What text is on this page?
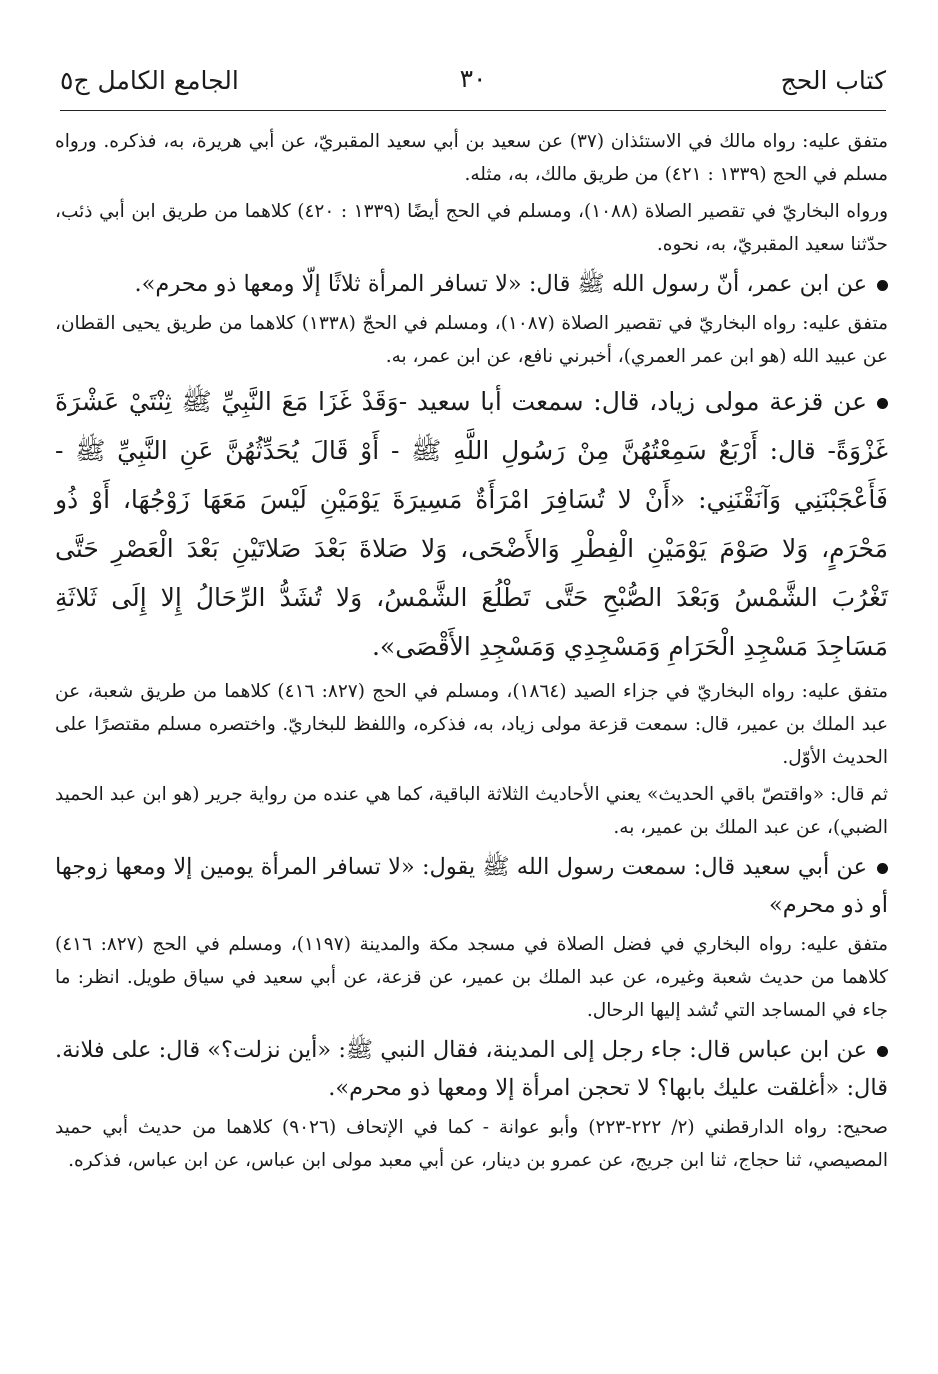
كتاب الحج
٣٠
الجامع الكامل ج٥

متفق عليه: رواه مالك في الاستئذان (٣٧) عن سعيد بن أبي سعيد المقبريّ، عن أبي هريرة، به، فذكره. ورواه مسلم في الحج (١٣٣٩ : ٤٢١) من طريق مالك، به، مثله.

ورواه البخاريّ في تقصير الصلاة (١٠٨٨)، ومسلم في الحج أيضًا (١٣٣٩ : ٤٢٠) كلاهما من طريق ابن أبي ذئب، حدّثنا سعيد المقبريّ، به، نحوه.

عن ابن عمر، أنّ رسول الله ﷺ قال: «لا تسافر المرأة ثلاثًا إلّا ومعها ذو محرم».

متفق عليه: رواه البخاريّ في تقصير الصلاة (١٠٨٧)، ومسلم في الحجّ (١٣٣٨) كلاهما من طريق يحيى القطان، عن عبيد الله (هو ابن عمر العمري)، أخبرني نافع، عن ابن عمر، به.

عن قزعة مولى زياد، قال: سمعت أبا سعيد -وَقَدْ غَزَا مَعَ النَّبِيِّ ﷺ ثِنْتَيْ عَشْرَةَ غَزْوَةً- قال: أَرْبَعٌ سَمِعْتُهُنَّ مِنْ رَسُولِ اللَّهِ ﷺ - أَوْ قَالَ يُحَدِّثُهُنَّ عَنِ النَّبِيِّ ﷺ - فَأَعْجَبْنَنِي وَآنَقْنَنِي: «أَنْ لا تُسَافِرَ امْرَأَةٌ مَسِيرَةَ يَوْمَيْنِ لَيْسَ مَعَهَا زَوْجُهَا، أَوْ ذُو مَحْرَمٍ، وَلا صَوْمَ يَوْمَيْنِ الْفِطْرِ وَالأَضْحَى، وَلا صَلاةَ بَعْدَ صَلاتَيْنِ بَعْدَ الْعَصْرِ حَتَّى تَغْرُبَ الشَّمْسُ وَبَعْدَ الصُّبْحِ حَتَّى تَطْلُعَ الشَّمْسُ، وَلا تُشَدُّ الرِّحَالُ إِلا إِلَى ثَلاثَةِ مَسَاجِدَ مَسْجِدِ الْحَرَامِ وَمَسْجِدِي وَمَسْجِدِ الأَقْصَى».

متفق عليه: رواه البخاريّ في جزاء الصيد (١٨٦٤)، ومسلم في الحج (٨٢٧: ٤١٦) كلاهما من طريق شعبة، عن عبد الملك بن عمير، قال: سمعت قزعة مولى زياد، به، فذكره، واللفظ للبخاريّ. واختصره مسلم مقتصرًا على الحديث الأوّل.

ثم قال: «واقتصّ باقي الحديث» يعني الأحاديث الثلاثة الباقية، كما هي عنده من رواية جرير (هو ابن عبد الحميد الضبي)، عن عبد الملك بن عمير، به.

عن أبي سعيد قال: سمعت رسول الله ﷺ يقول: «لا تسافر المرأة يومين إلا ومعها زوجها أو ذو محرم»

متفق عليه: رواه البخاري في فضل الصلاة في مسجد مكة والمدينة (١١٩٧)، ومسلم في الحج (٨٢٧: ٤١٦) كلاهما من حديث شعبة وغيره، عن عبد الملك بن عمير، عن قزعة، عن أبي سعيد في سياق طويل. انظر: ما جاء في المساجد التي تُشد إليها الرحال.

عن ابن عباس قال: جاء رجل إلى المدينة، فقال النبي ﷺ: «أين نزلت؟» قال: على فلانة. قال: «أغلقت عليك بابها؟ لا تحجن امرأة إلا ومعها ذو محرم».

صحيح: رواه الدارقطني (٢/ ٢٢٢-٢٢٣) وأبو عوانة - كما في الإتحاف (٩٠٢٦) كلاهما من حديث أبي حميد المصيصي، ثنا حجاج، ثنا ابن جريج، عن عمرو بن دينار، عن أبي معبد مولى ابن عباس، عن ابن عباس، فذكره.
